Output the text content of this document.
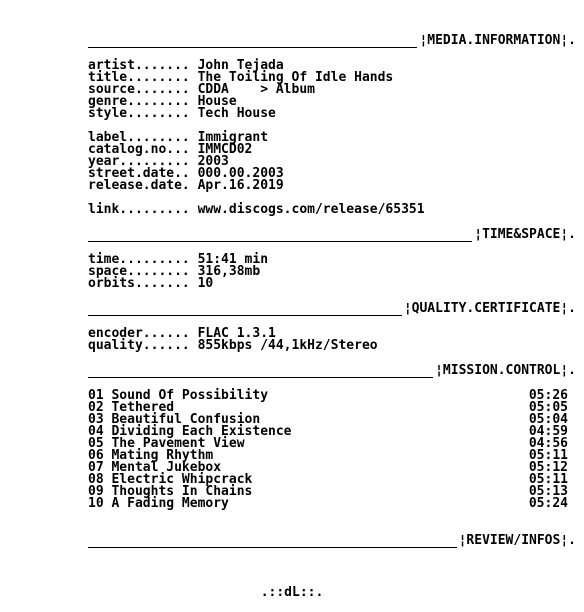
¦MEDIA.INFORMATION¦.
artist....... John Tejada
title........ The Toiling Of Idle Hands
source....... CDDA    > Album
genre........ House
style........ Tech House
label........ Immigrant
catalog.no... IMMCD02
year......... 2003
street.date.. 000.00.2003
release.date. Apr.16.2019
link......... www.discogs.com/release/65351
¦TIME&SPACE¦.
time......... 51:41 min
space........ 316,38mb
orbits....... 10
¦QUALITY.CERTIFICATE¦.
encoder...... FLAC 1.3.1
quality...... 855kbps /44,1kHz/Stereo
¦MISSION.CONTROL¦.
01 Sound Of Possibility	05:26
02 Tethered	05:05
03 Beautiful Confusion	05:04
04 Dividing Each Existence	04:59
05 The Pavement View	04:56
06 Mating Rhythm	05:11
07 Mental Jukebox	05:12
08 Electric Whipcrack	05:11
09 Thoughts In Chains	05:13
10 A Fading Memory	05:24
¦REVIEW/INFOS¦.
.::dL::.
